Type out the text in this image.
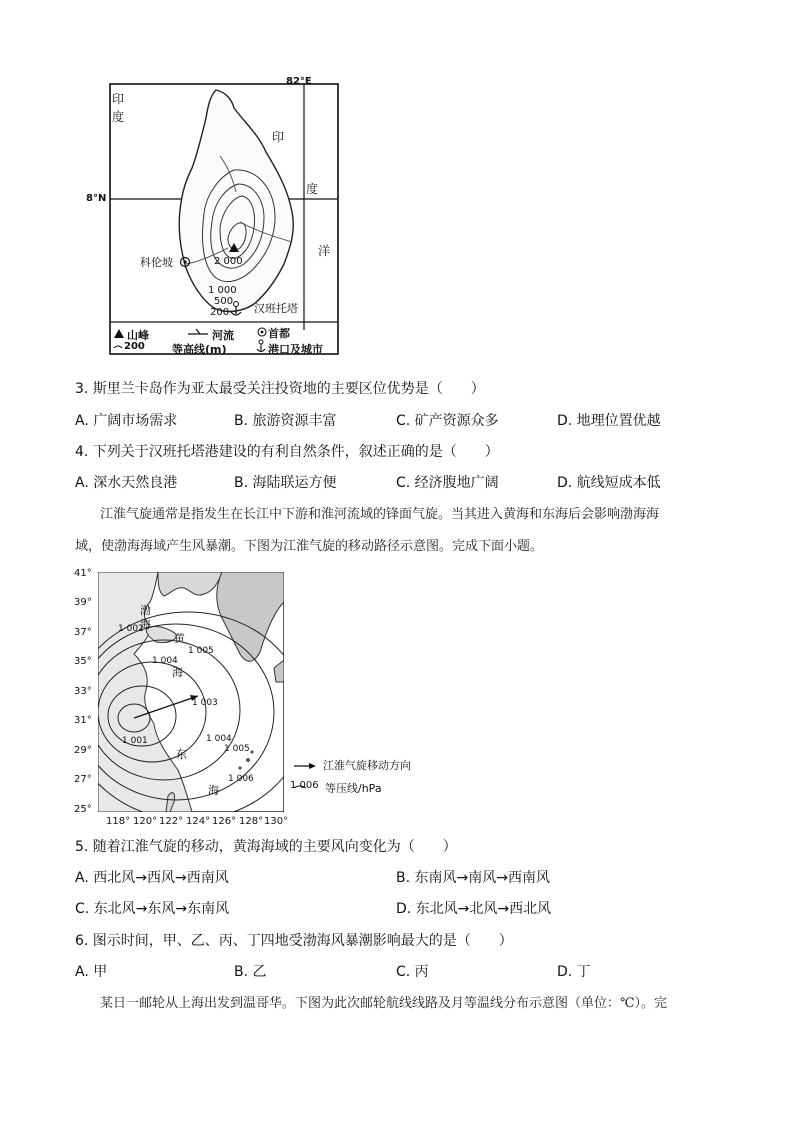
82°E
8°N
印
度
印
度
洋
科伦坡
汉班托塔
2 000
1 000
500
200
山峰	河流	首都
200 等高线(m)	港口及城市
3. 斯里兰卡岛作为亚太最受关注投资地的主要区位优势是（　　）
A. 广阔市场需求	B. 旅游资源丰富	C. 矿产资源众多	D. 地理位置优越
4. 下列关于汉班托塔港建设的有利自然条件，叙述正确的是（　　）
A. 深水天然良港	B. 海陆联运方便	C. 经济腹地广阔	D. 航线短成本低
江淮气旋通常是指发生在长江中下游和淮河流域的锋面气旋。当其进入黄海和东海后会影响渤海海
域，使渤海海域产生风暴潮。下图为江淮气旋的移动路径示意图。完成下面小题。
41°
39°
37°
35°
33°
31°
29°
27°
25°
118° 120° 122° 124° 126° 128° 130°
渤
海
黄
海
东
海
1 002
1 005
1 004
1 003
1 004
1 005
1 006
1 001
江淮气旋移动方向
1 006 等压线/hPa
5. 随着江淮气旋的移动，黄海海域的主要风向变化为（　　）
A. 西北风→西风→西南风	B. 东南风→南风→西南风
C. 东北风→东风→东南风	D. 东北风→北风→西北风
6. 图示时间，甲、乙、丙、丁四地受渤海风暴潮影响最大的是（　　）
A. 甲	B. 乙	C. 丙	D. 丁
某日一邮轮从上海出发到温哥华。下图为此次邮轮航线线路及月等温线分布示意图（单位：℃）。完
